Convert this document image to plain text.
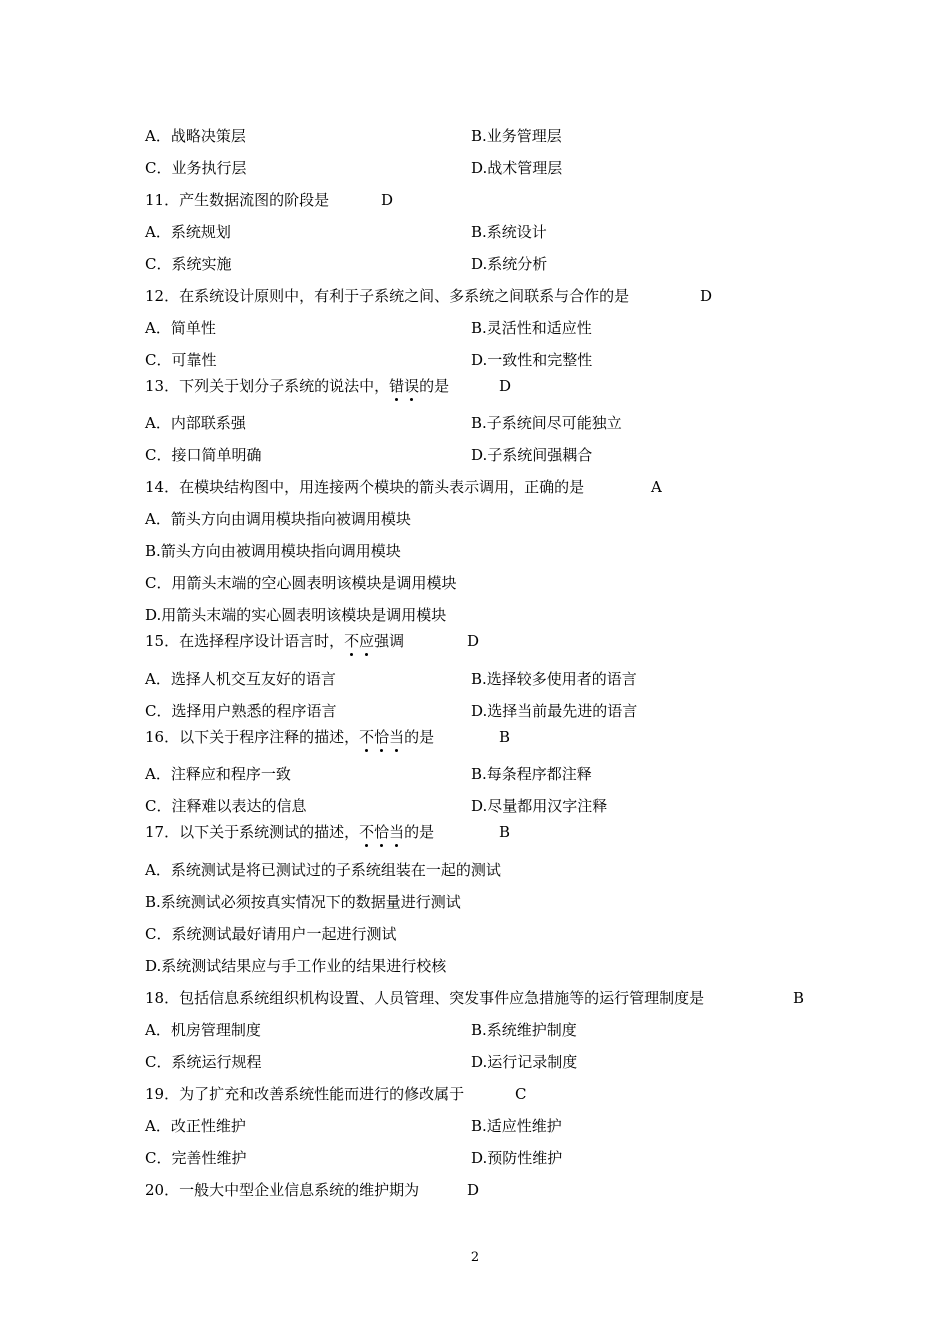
A．战略决策层	B.业务管理层
C．业务执行层	D.战术管理层
11．产生数据流图的阶段是	D
A．系统规划	B.系统设计
C．系统实施	D.系统分析
12．在系统设计原则中，有利于子系统之间、多系统之间联系与合作的是	D
A．简单性	B.灵活性和适应性
C．可靠性	D.一致性和完整性
13．下列关于划分子系统的说法中，错误的是	D
A．内部联系强	B.子系统间尽可能独立
C．接口简单明确	D.子系统间强耦合
14．在模块结构图中，用连接两个模块的箭头表示调用，正确的是	A
A．箭头方向由调用模块指向被调用模块
B.箭头方向由被调用模块指向调用模块
C．用箭头末端的空心圆表明该模块是调用模块
D.用箭头末端的实心圆表明该模块是调用模块
15．在选择程序设计语言时，不应强调	D
A．选择人机交互友好的语言	B.选择较多使用者的语言
C．选择用户熟悉的程序语言	D.选择当前最先进的语言
16．以下关于程序注释的描述，不恰当的是	B
A．注释应和程序一致	B.每条程序都注释
C．注释难以表达的信息	D.尽量都用汉字注释
17．以下关于系统测试的描述，不恰当的是	B
A．系统测试是将已测试过的子系统组装在一起的测试
B.系统测试必须按真实情况下的数据量进行测试
C．系统测试最好请用户一起进行测试
D.系统测试结果应与手工作业的结果进行校核
18．包括信息系统组织机构设置、人员管理、突发事件应急措施等的运行管理制度是	B
A．机房管理制度	B.系统维护制度
C．系统运行规程	D.运行记录制度
19．为了扩充和改善系统性能而进行的修改属于	C
A．改正性维护	B.适应性维护
C．完善性维护	D.预防性维护
20．一般大中型企业信息系统的维护期为	D
2
